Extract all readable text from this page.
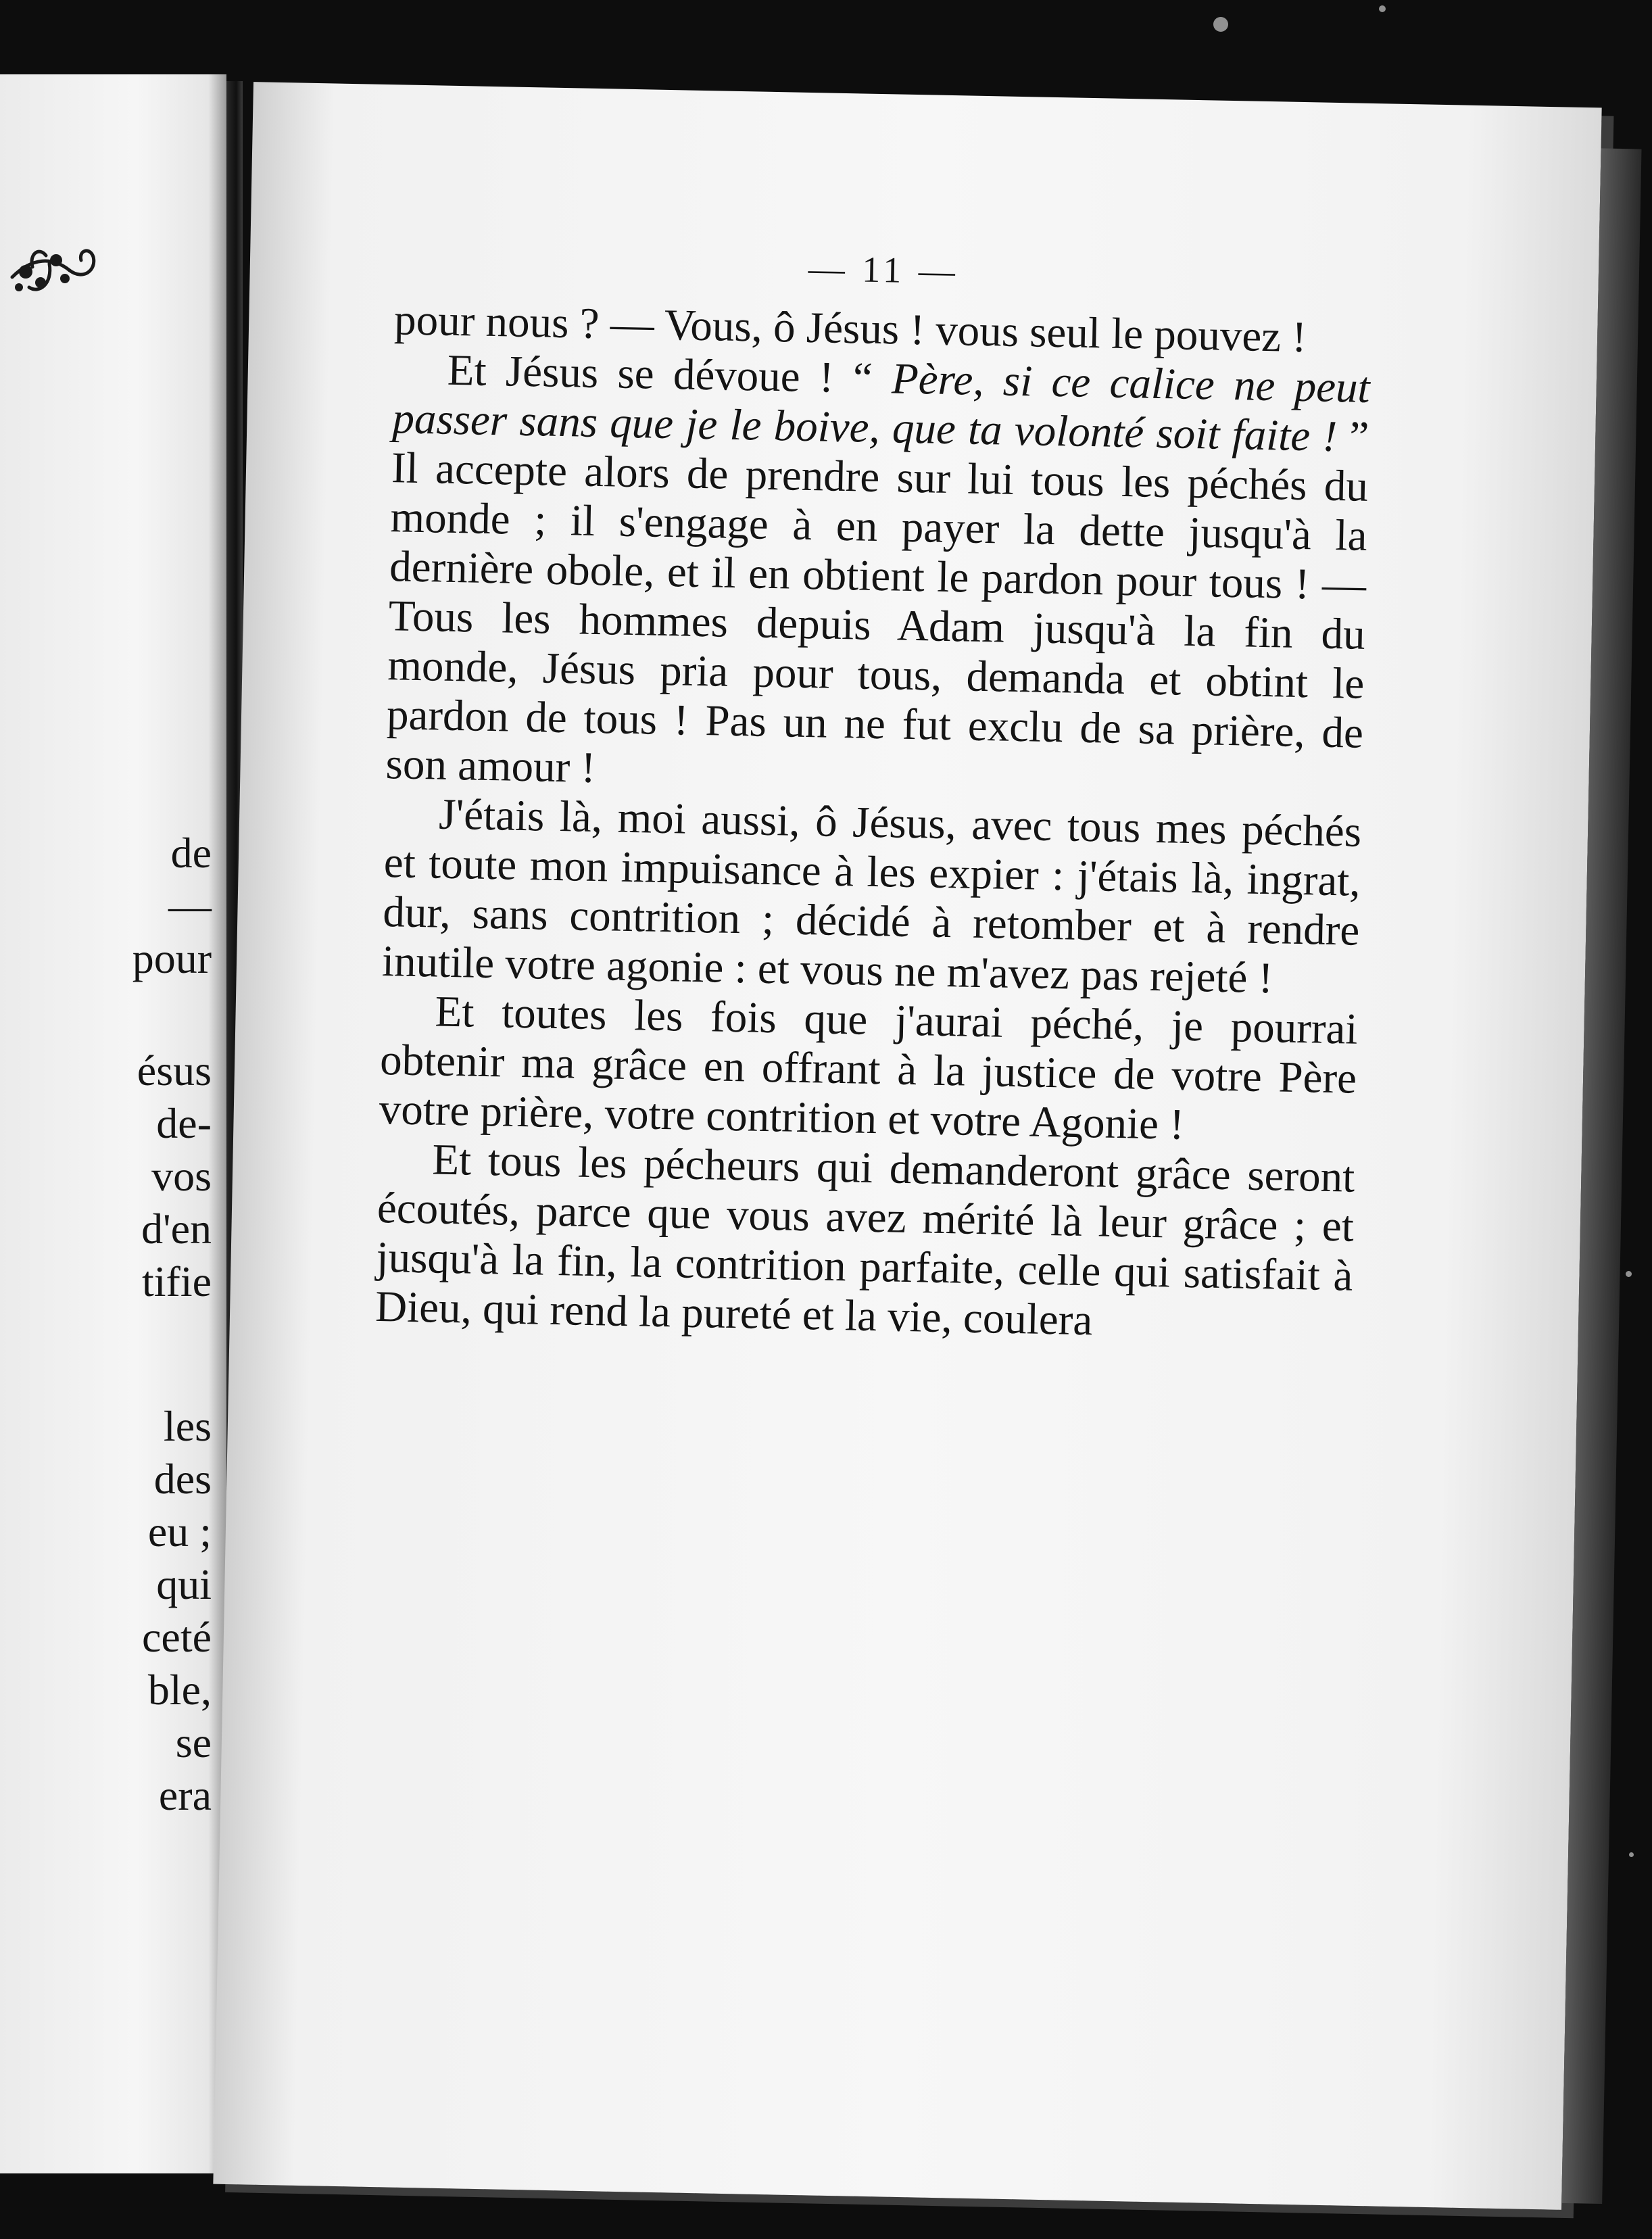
de
—
pour
ésus
de-
vos
d'en
tifie
les
des
eu ;
qui
ceté
ble,
se
era
— 11 —

pour nous ? — Vous, ô Jésus ! vous seul le pouvez !

Et Jésus se dévoue ! “ Père, si ce calice ne peut passer sans que je le boive, que ta volonté soit faite ! ” Il accepte alors de prendre sur lui tous les péchés du monde ; il s'engage à en payer la dette jusqu'à la dernière obole, et il en obtient le pardon pour tous ! — Tous les hommes depuis Adam jusqu'à la fin du monde, Jésus pria pour tous, demanda et obtint le pardon de tous ! Pas un ne fut exclu de sa prière, de son amour !

J'étais là, moi aussi, ô Jésus, avec tous mes péchés et toute mon impuisance à les expier : j'étais là, ingrat, dur, sans contrition ; décidé à retomber et à rendre inutile votre agonie : et vous ne m'avez pas rejeté !

Et toutes les fois que j'aurai péché, je pourrai obtenir ma grâce en offrant à la justice de votre Père votre prière, votre contrition et votre Agonie !

Et tous les pécheurs qui demanderont grâce seront écoutés, parce que vous avez mérité là leur grâce ; et jusqu'à la fin, la contrition parfaite, celle qui satisfait à Dieu, qui rend la pureté et la vie, coulera
